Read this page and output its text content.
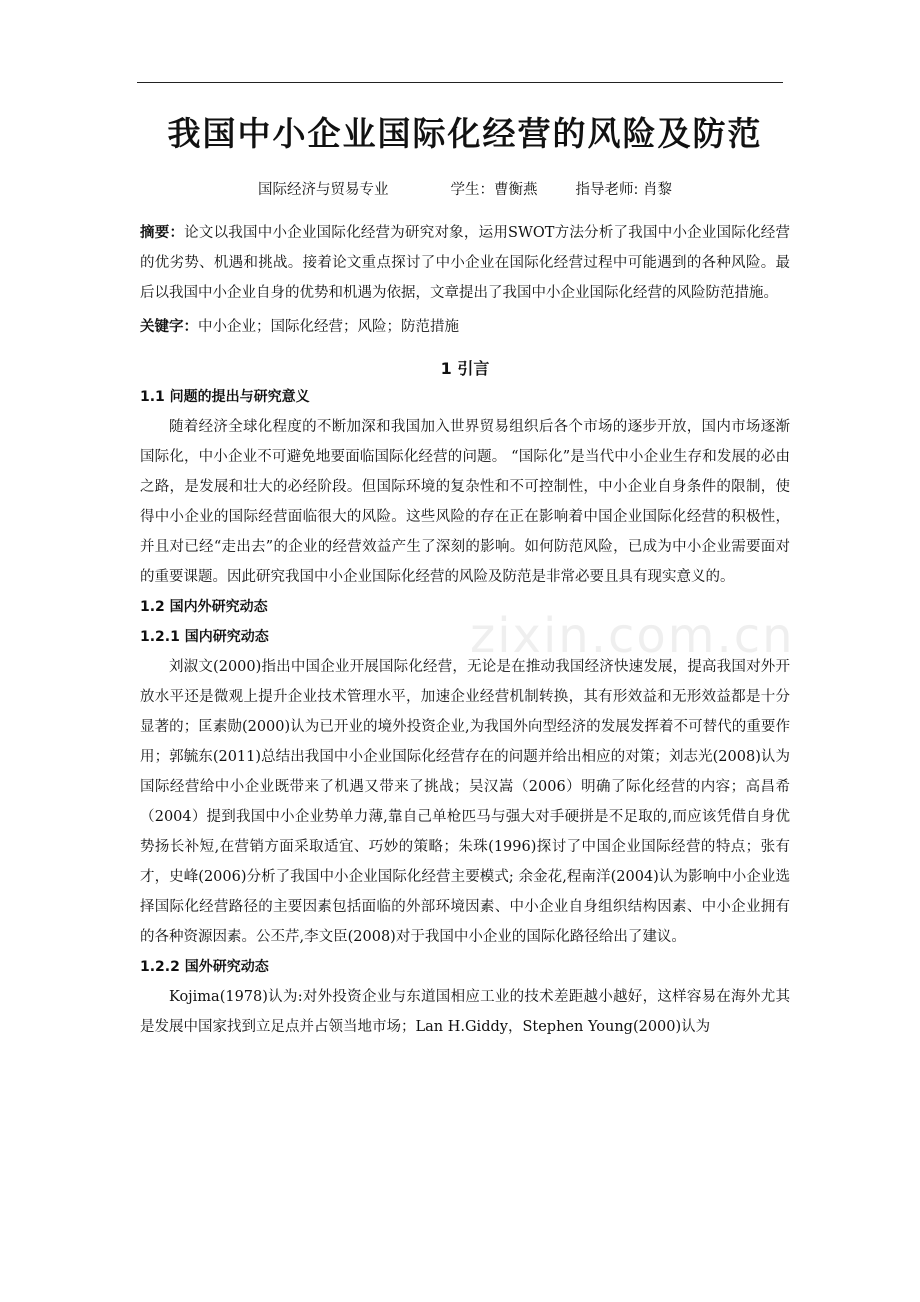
我国中小企业国际化经营的风险及防范
国际经济与贸易专业	学生：曹衡燕	指导老师: 肖黎

摘要：论文以我国中小企业国际化经营为研究对象，运用SWOT方法分析了我国中小企业国际化经营的优劣势、机遇和挑战。接着论文重点探讨了中小企业在国际化经营过程中可能遇到的各种风险。最后以我国中小企业自身的优势和机遇为依据，文章提出了我国中小企业国际化经营的风险防范措施。

关键字：中小企业；国际化经营；风险；防范措施

1 引言
1.1 问题的提出与研究意义

随着经济全球化程度的不断加深和我国加入世界贸易组织后各个市场的逐步开放，国内市场逐渐国际化，中小企业不可避免地要面临国际化经营的问题。 “国际化”是当代中小企业生存和发展的必由之路，是发展和壮大的必经阶段。但国际环境的复杂性和不可控制性，中小企业自身条件的限制，使得中小企业的国际经营面临很大的风险。这些风险的存在正在影响着中国企业国际化经营的积极性，并且对已经“走出去”的企业的经营效益产生了深刻的影响。如何防范风险，已成为中小企业需要面对的重要课题。因此研究我国中小企业国际化经营的风险及防范是非常必要且具有现实意义的。

1.2 国内外研究动态
1.2.1 国内研究动态

刘淑文(2000)指出中国企业开展国际化经营，无论是在推动我国经济快速发展，提高我国对外开放水平还是微观上提升企业技术管理水平，加速企业经营机制转换，其有形效益和无形效益都是十分显著的；匡素勋(2000)认为已开业的境外投资企业,为我国外向型经济的发展发挥着不可替代的重要作用；郭毓东(2011)总结出我国中小企业国际化经营存在的问题并给出相应的对策；刘志光(2008)认为国际经营给中小企业既带来了机遇又带来了挑战；吴汉嵩（2006）明确了际化经营的内容；高昌希（2004）提到我国中小企业势单力薄,靠自己单枪匹马与强大对手硬拼是不足取的,而应该凭借自身优势扬长补短,在营销方面采取适宜、巧妙的策略；朱珠(1996)探讨了中国企业国际经营的特点；张有才，史峰(2006)分析了我国中小企业国际化经营主要模式; 余金花,程南洋(2004)认为影响中小企业选择国际化经营路径的主要因素包括面临的外部环境因素、中小企业自身组织结构因素、中小企业拥有的各种资源因素。公丕芹,李文臣(2008)对于我国中小企业的国际化路径给出了建议。

1.2.2 国外研究动态

Kojima(1978)认为:对外投资企业与东道国相应工业的技术差距越小越好，这样容易在海外尤其是发展中国家找到立足点并占领当地市场；Lan H.Giddy，Stephen Young(2000)认为

zixin.com.cn
